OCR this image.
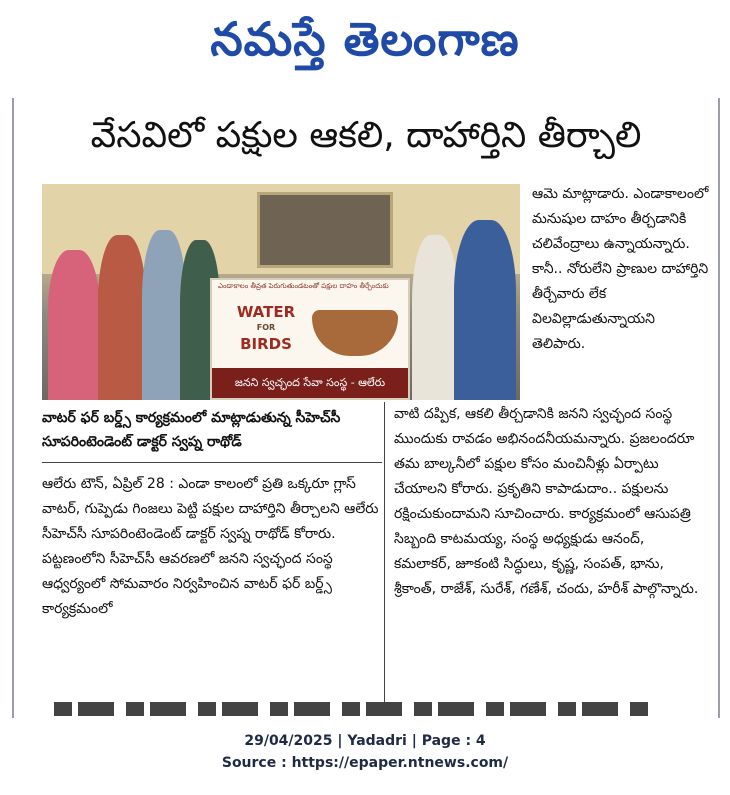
నమస్తే తెలంగాణ
వేసవిలో పక్షుల ఆకలి, దాహార్తిని తీర్చాలి
ఎండాకాలం తీవ్రత పెరుగుతుండటంతో పక్షుల దాహం తీర్చేందుకు
WATER
FOR
BIRDS
జనని స్వచ్ఛంద సేవా సంస్థ - ఆలేరు
ఆమె మాట్లాడారు. ఎండాకాలంలో మనుషుల దాహం తీర్చడానికి చలివేంద్రాలు ఉన్నాయన్నారు. కానీ.. నోరులేని ప్రాణుల దాహార్తిని తీర్చేవారు లేక విలవిల్లాడుతున్నాయని తెలిపారు.
వాటర్ ఫర్ బర్డ్స్ కార్యక్రమంలో మాట్లాడుతున్న సీహెచ్‌సీ సూపరింటెండెంట్ డాక్టర్ స్వప్న రాథోడ్
ఆలేరు టౌన్, ఏప్రిల్ 28 : ఎండా కాలంలో ప్రతి ఒక్కరూ గ్లాస్ వాటర్, గుప్పెడు గింజలు పెట్టి పక్షుల దాహార్తిని తీర్చాలని ఆలేరు సీహెచ్‌సీ సూపరింటెండెంట్ డాక్టర్ స్వప్న రాథోడ్ కోరారు. పట్టణంలోని సీహెచ్‌సీ ఆవరణలో జనని స్వచ్ఛంద సంస్థ ఆధ్వర్యంలో సోమవారం నిర్వహించిన వాటర్ ఫర్ బర్డ్స్ కార్యక్రమంలో
వాటి దప్పిక, ఆకలి తీర్చడానికి జనని స్వచ్ఛంద సంస్థ ముందుకు రావడం అభినందనీయమన్నారు. ప్రజలందరూ తమ బాల్కనీలో పక్షుల కోసం మంచినీళ్లు ఏర్పాటు చేయాలని కోరారు. ప్రకృతిని కాపాడుదాం.. పక్షులను రక్షించుకుందామని సూచించారు. కార్యక్రమంలో ఆసుపత్రి సిబ్బంది కాటమయ్య, సంస్థ అధ్యక్షుడు ఆనంద్, కమలాకర్, జూకంటి సిద్ధులు, కృష్ణ, సంపత్, భాను, శ్రీకాంత్, రాజేశ్, సురేశ్, గణేశ్, చందు, హరీశ్ పాల్గొన్నారు.
29/04/2025 | Yadadri | Page : 4
Source : https://epaper.ntnews.com/
